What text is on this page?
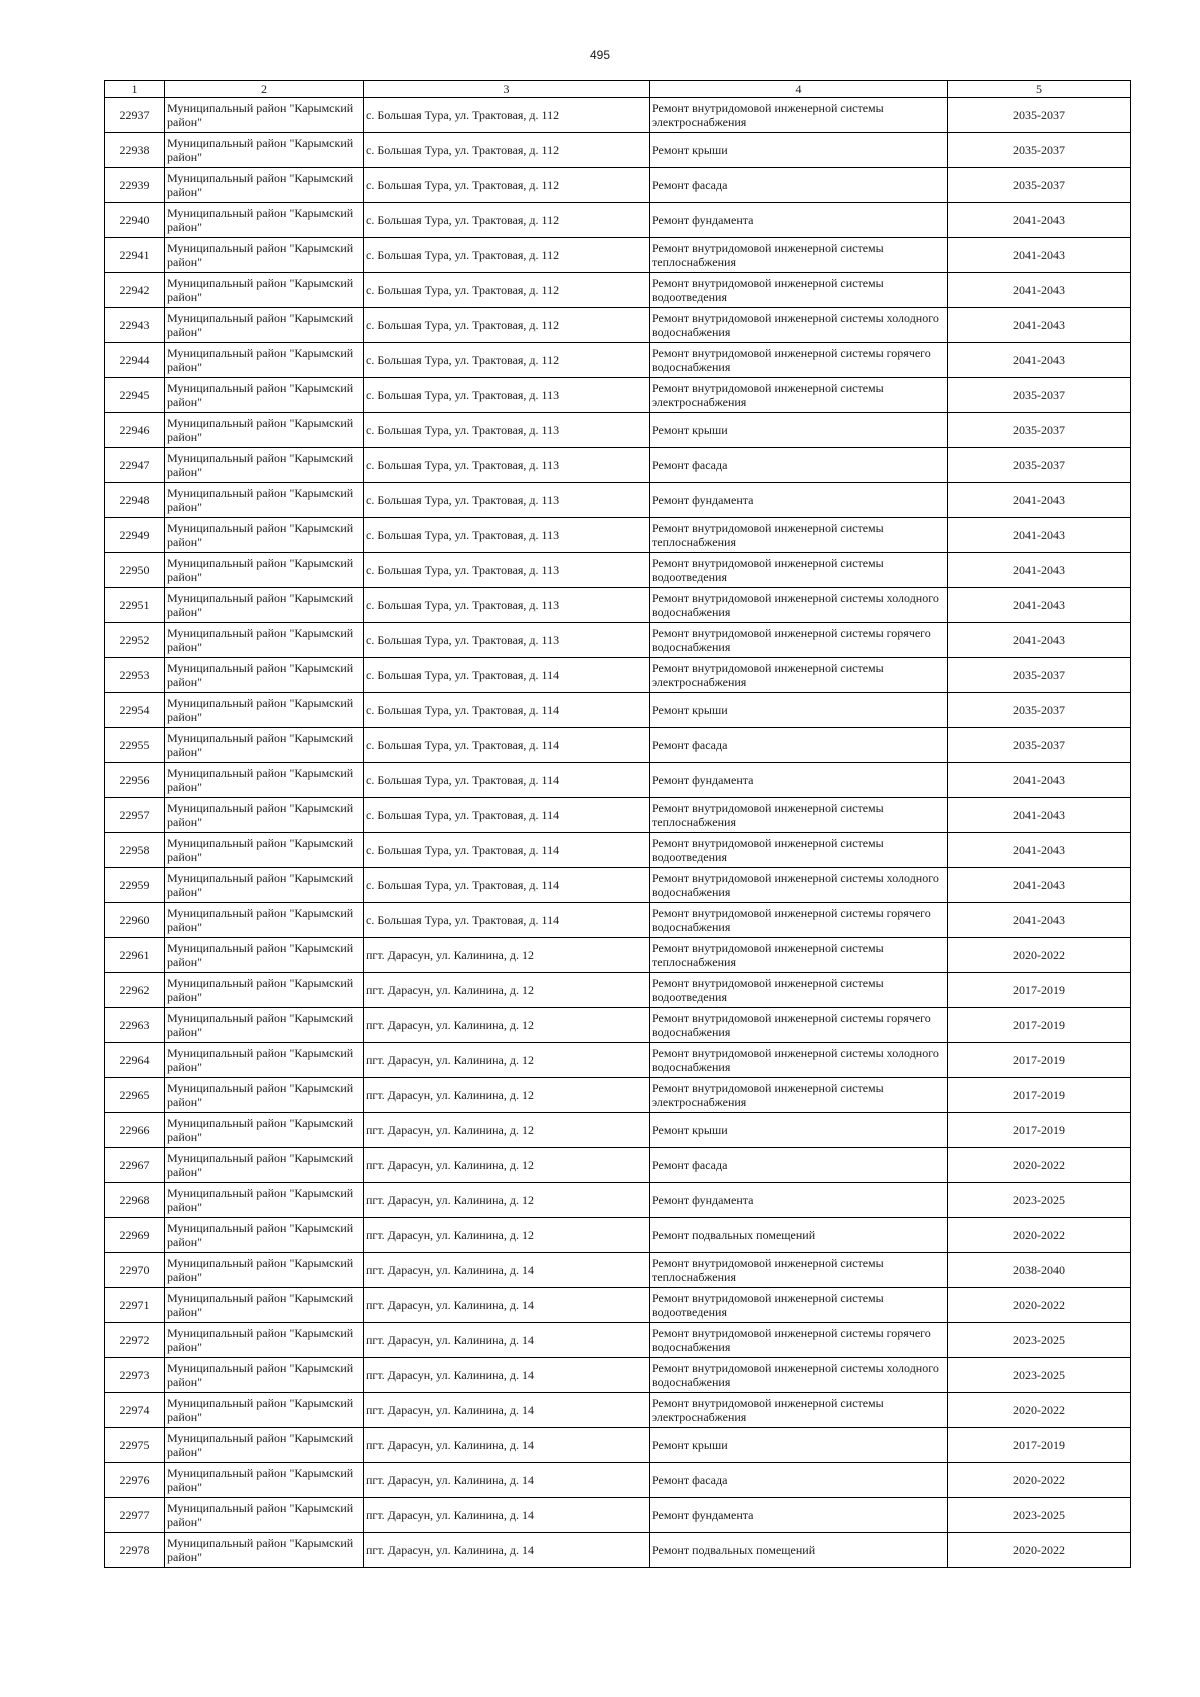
495
1	2	3	4	5
22937	Муниципальный район "Карымский район"	с. Большая Тура, ул. Трактовая, д. 112	Ремонт внутридомовой инженерной системы электроснабжения	2035-2037
22938	Муниципальный район "Карымский район"	с. Большая Тура, ул. Трактовая, д. 112	Ремонт крыши	2035-2037
22939	Муниципальный район "Карымский район"	с. Большая Тура, ул. Трактовая, д. 112	Ремонт фасада	2035-2037
22940	Муниципальный район "Карымский район"	с. Большая Тура, ул. Трактовая, д. 112	Ремонт фундамента	2041-2043
22941	Муниципальный район "Карымский район"	с. Большая Тура, ул. Трактовая, д. 112	Ремонт внутридомовой инженерной системы теплоснабжения	2041-2043
22942	Муниципальный район "Карымский район"	с. Большая Тура, ул. Трактовая, д. 112	Ремонт внутридомовой инженерной системы водоотведения	2041-2043
22943	Муниципальный район "Карымский район"	с. Большая Тура, ул. Трактовая, д. 112	Ремонт внутридомовой инженерной системы холодного водоснабжения	2041-2043
22944	Муниципальный район "Карымский район"	с. Большая Тура, ул. Трактовая, д. 112	Ремонт внутридомовой инженерной системы горячего водоснабжения	2041-2043
22945	Муниципальный район "Карымский район"	с. Большая Тура, ул. Трактовая, д. 113	Ремонт внутридомовой инженерной системы электроснабжения	2035-2037
22946	Муниципальный район "Карымский район"	с. Большая Тура, ул. Трактовая, д. 113	Ремонт крыши	2035-2037
22947	Муниципальный район "Карымский район"	с. Большая Тура, ул. Трактовая, д. 113	Ремонт фасада	2035-2037
22948	Муниципальный район "Карымский район"	с. Большая Тура, ул. Трактовая, д. 113	Ремонт фундамента	2041-2043
22949	Муниципальный район "Карымский район"	с. Большая Тура, ул. Трактовая, д. 113	Ремонт внутридомовой инженерной системы теплоснабжения	2041-2043
22950	Муниципальный район "Карымский район"	с. Большая Тура, ул. Трактовая, д. 113	Ремонт внутридомовой инженерной системы водоотведения	2041-2043
22951	Муниципальный район "Карымский район"	с. Большая Тура, ул. Трактовая, д. 113	Ремонт внутридомовой инженерной системы холодного водоснабжения	2041-2043
22952	Муниципальный район "Карымский район"	с. Большая Тура, ул. Трактовая, д. 113	Ремонт внутридомовой инженерной системы горячего водоснабжения	2041-2043
22953	Муниципальный район "Карымский район"	с. Большая Тура, ул. Трактовая, д. 114	Ремонт внутридомовой инженерной системы электроснабжения	2035-2037
22954	Муниципальный район "Карымский район"	с. Большая Тура, ул. Трактовая, д. 114	Ремонт крыши	2035-2037
22955	Муниципальный район "Карымский район"	с. Большая Тура, ул. Трактовая, д. 114	Ремонт фасада	2035-2037
22956	Муниципальный район "Карымский район"	с. Большая Тура, ул. Трактовая, д. 114	Ремонт фундамента	2041-2043
22957	Муниципальный район "Карымский район"	с. Большая Тура, ул. Трактовая, д. 114	Ремонт внутридомовой инженерной системы теплоснабжения	2041-2043
22958	Муниципальный район "Карымский район"	с. Большая Тура, ул. Трактовая, д. 114	Ремонт внутридомовой инженерной системы водоотведения	2041-2043
22959	Муниципальный район "Карымский район"	с. Большая Тура, ул. Трактовая, д. 114	Ремонт внутридомовой инженерной системы холодного водоснабжения	2041-2043
22960	Муниципальный район "Карымский район"	с. Большая Тура, ул. Трактовая, д. 114	Ремонт внутридомовой инженерной системы горячего водоснабжения	2041-2043
22961	Муниципальный район "Карымский район"	пгт. Дарасун, ул. Калинина, д. 12	Ремонт внутридомовой инженерной системы теплоснабжения	2020-2022
22962	Муниципальный район "Карымский район"	пгт. Дарасун, ул. Калинина, д. 12	Ремонт внутридомовой инженерной системы водоотведения	2017-2019
22963	Муниципальный район "Карымский район"	пгт. Дарасун, ул. Калинина, д. 12	Ремонт внутридомовой инженерной системы горячего водоснабжения	2017-2019
22964	Муниципальный район "Карымский район"	пгт. Дарасун, ул. Калинина, д. 12	Ремонт внутридомовой инженерной системы холодного водоснабжения	2017-2019
22965	Муниципальный район "Карымский район"	пгт. Дарасун, ул. Калинина, д. 12	Ремонт внутридомовой инженерной системы электроснабжения	2017-2019
22966	Муниципальный район "Карымский район"	пгт. Дарасун, ул. Калинина, д. 12	Ремонт крыши	2017-2019
22967	Муниципальный район "Карымский район"	пгт. Дарасун, ул. Калинина, д. 12	Ремонт фасада	2020-2022
22968	Муниципальный район "Карымский район"	пгт. Дарасун, ул. Калинина, д. 12	Ремонт фундамента	2023-2025
22969	Муниципальный район "Карымский район"	пгт. Дарасун, ул. Калинина, д. 12	Ремонт подвальных помещений	2020-2022
22970	Муниципальный район "Карымский район"	пгт. Дарасун, ул. Калинина, д. 14	Ремонт внутридомовой инженерной системы теплоснабжения	2038-2040
22971	Муниципальный район "Карымский район"	пгт. Дарасун, ул. Калинина, д. 14	Ремонт внутридомовой инженерной системы водоотведения	2020-2022
22972	Муниципальный район "Карымский район"	пгт. Дарасун, ул. Калинина, д. 14	Ремонт внутридомовой инженерной системы горячего водоснабжения	2023-2025
22973	Муниципальный район "Карымский район"	пгт. Дарасун, ул. Калинина, д. 14	Ремонт внутридомовой инженерной системы холодного водоснабжения	2023-2025
22974	Муниципальный район "Карымский район"	пгт. Дарасун, ул. Калинина, д. 14	Ремонт внутридомовой инженерной системы электроснабжения	2020-2022
22975	Муниципальный район "Карымский район"	пгт. Дарасун, ул. Калинина, д. 14	Ремонт крыши	2017-2019
22976	Муниципальный район "Карымский район"	пгт. Дарасун, ул. Калинина, д. 14	Ремонт фасада	2020-2022
22977	Муниципальный район "Карымский район"	пгт. Дарасун, ул. Калинина, д. 14	Ремонт фундамента	2023-2025
22978	Муниципальный район "Карымский район"	пгт. Дарасун, ул. Калинина, д. 14	Ремонт подвальных помещений	2020-2022
